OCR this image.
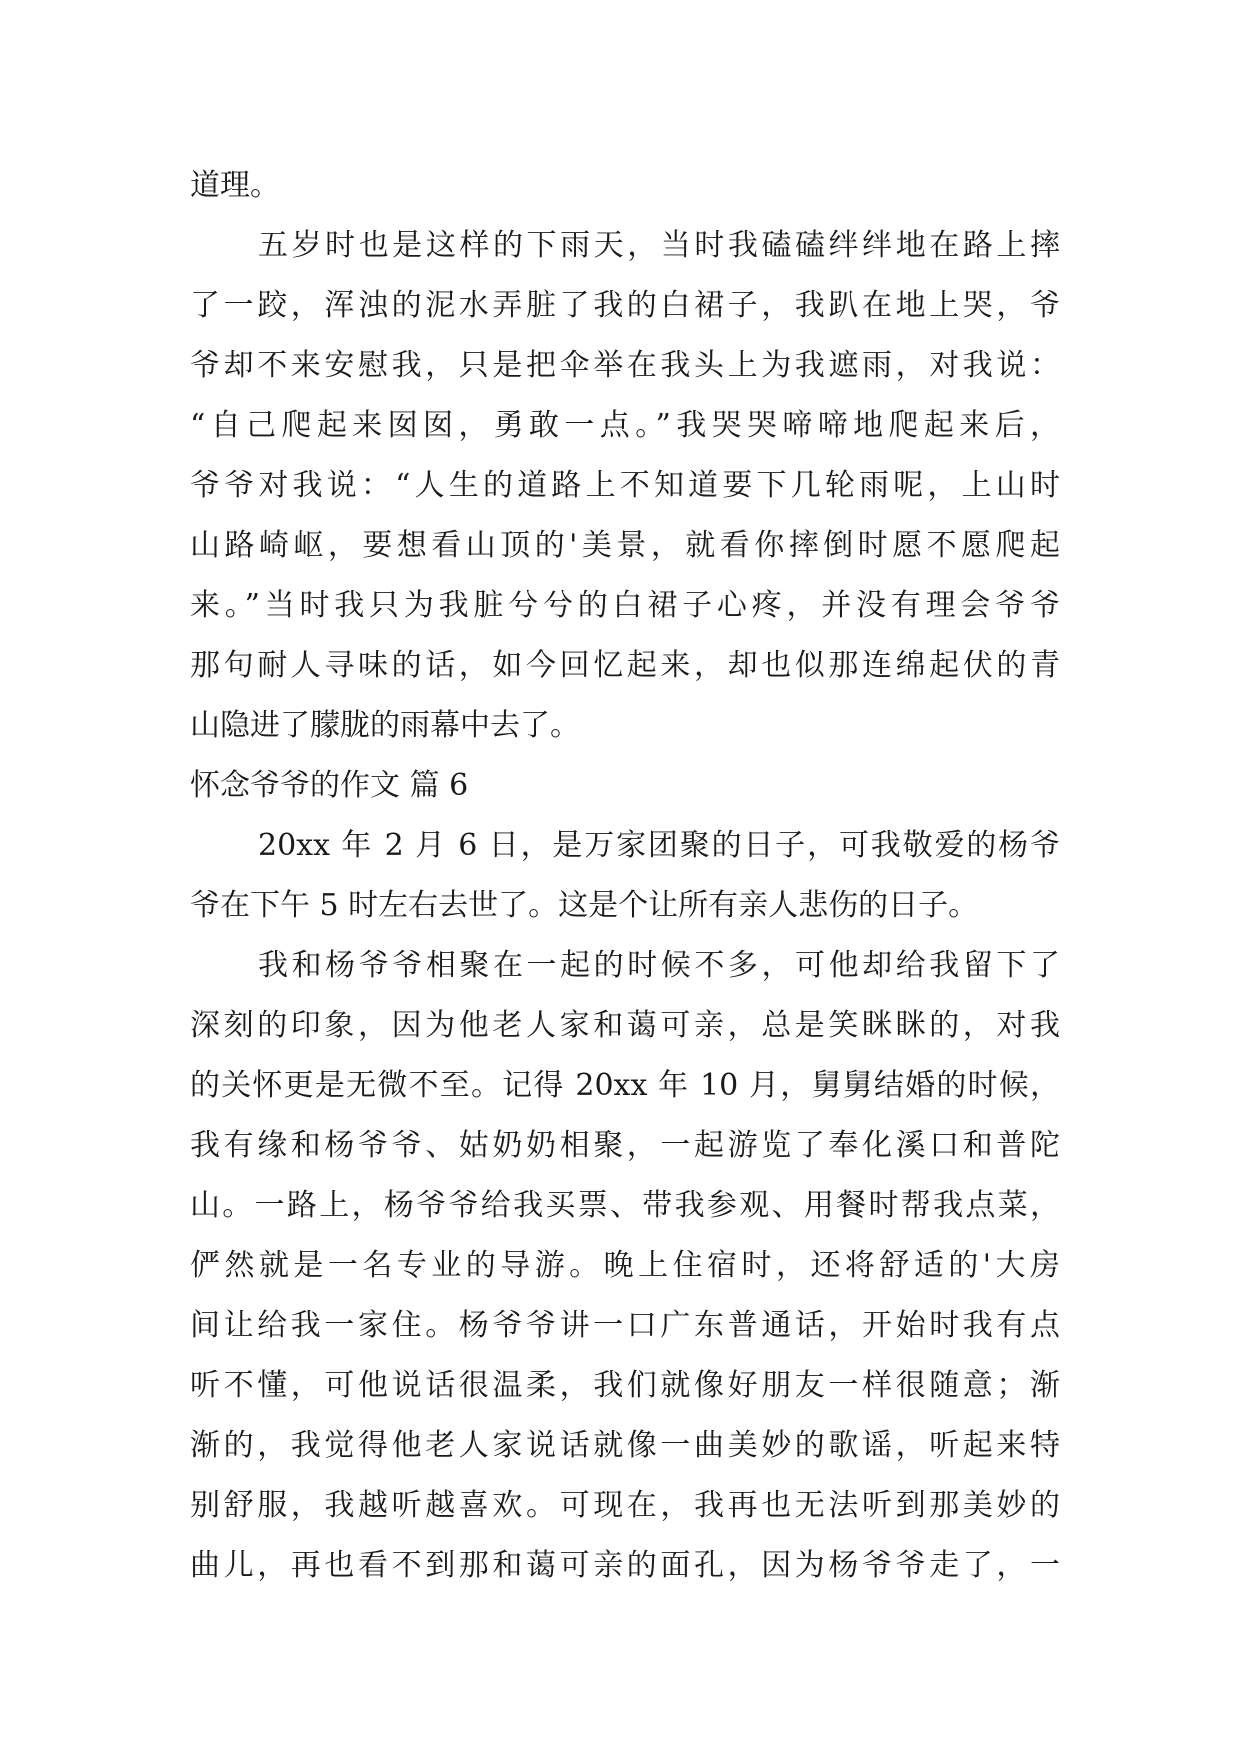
道理。
五岁时也是这样的下雨天，当时我磕磕绊绊地在路上摔
了一跤，浑浊的泥水弄脏了我的白裙子，我趴在地上哭，爷
爷却不来安慰我，只是把伞举在我头上为我遮雨，对我说：
“自己爬起来囡囡，勇敢一点。”我哭哭啼啼地爬起来后，
爷爷对我说：“人生的道路上不知道要下几轮雨呢，上山时
山路崎岖，要想看山顶的'美景，就看你摔倒时愿不愿爬起
来。”当时我只为我脏兮兮的白裙子心疼，并没有理会爷爷
那句耐人寻味的话，如今回忆起来，却也似那连绵起伏的青
山隐进了朦胧的雨幕中去了。
怀念爷爷的作文 篇 6
20xx 年 2 月 6 日，是万家团聚的日子，可我敬爱的杨爷
爷在下午 5 时左右去世了。这是个让所有亲人悲伤的日子。
我和杨爷爷相聚在一起的时候不多，可他却给我留下了
深刻的印象，因为他老人家和蔼可亲，总是笑眯眯的，对我
的关怀更是无微不至。记得 20xx 年 10 月，舅舅结婚的时候，
我有缘和杨爷爷、姑奶奶相聚，一起游览了奉化溪口和普陀
山。一路上，杨爷爷给我买票、带我参观、用餐时帮我点菜，
俨然就是一名专业的导游。晚上住宿时，还将舒适的'大房
间让给我一家住。杨爷爷讲一口广东普通话，开始时我有点
听不懂，可他说话很温柔，我们就像好朋友一样很随意；渐
渐的，我觉得他老人家说话就像一曲美妙的歌谣，听起来特
别舒服，我越听越喜欢。可现在，我再也无法听到那美妙的
曲儿，再也看不到那和蔼可亲的面孔，因为杨爷爷走了，一
